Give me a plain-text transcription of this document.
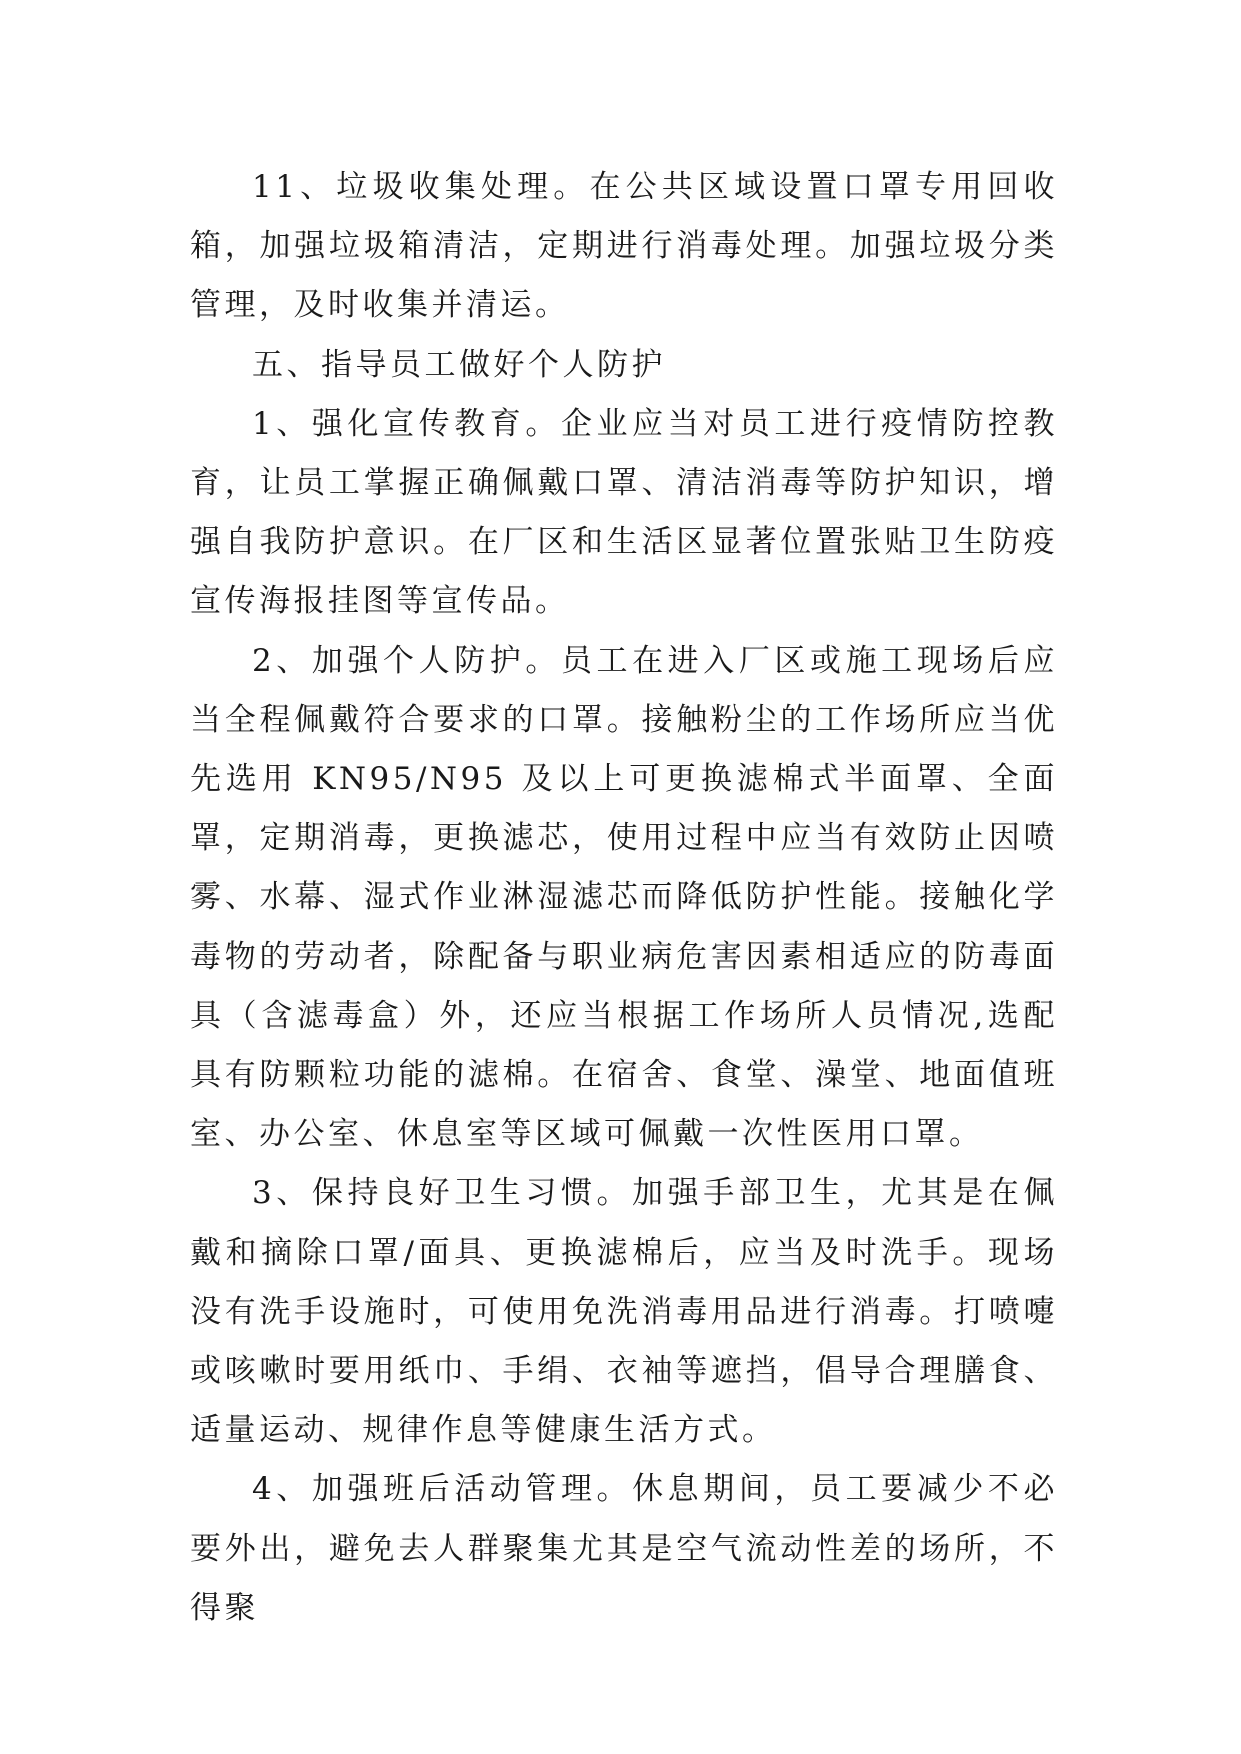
11、垃圾收集处理。在公共区域设置口罩专用回收箱，加强垃圾箱清洁，定期进行消毒处理。加强垃圾分类管理，及时收集并清运。

五、指导员工做好个人防护

1、强化宣传教育。企业应当对员工进行疫情防控教育，让员工掌握正确佩戴口罩、清洁消毒等防护知识，增强自我防护意识。在厂区和生活区显著位置张贴卫生防疫宣传海报挂图等宣传品。

2、加强个人防护。员工在进入厂区或施工现场后应当全程佩戴符合要求的口罩。接触粉尘的工作场所应当优先选用 KN95/N95 及以上可更换滤棉式半面罩、全面罩，定期消毒，更换滤芯，使用过程中应当有效防止因喷雾、水幕、湿式作业淋湿滤芯而降低防护性能。接触化学毒物的劳动者，除配备与职业病危害因素相适应的防毒面具（含滤毒盒）外，还应当根据工作场所人员情况,选配具有防颗粒功能的滤棉。在宿舍、食堂、澡堂、地面值班室、办公室、休息室等区域可佩戴一次性医用口罩。

3、保持良好卫生习惯。加强手部卫生，尤其是在佩戴和摘除口罩/面具、更换滤棉后，应当及时洗手。现场没有洗手设施时，可使用免洗消毒用品进行消毒。打喷嚏或咳嗽时要用纸巾、手绢、衣袖等遮挡，倡导合理膳食、适量运动、规律作息等健康生活方式。

4、加强班后活动管理。休息期间，员工要减少不必要外出，避免去人群聚集尤其是空气流动性差的场所，不得聚
